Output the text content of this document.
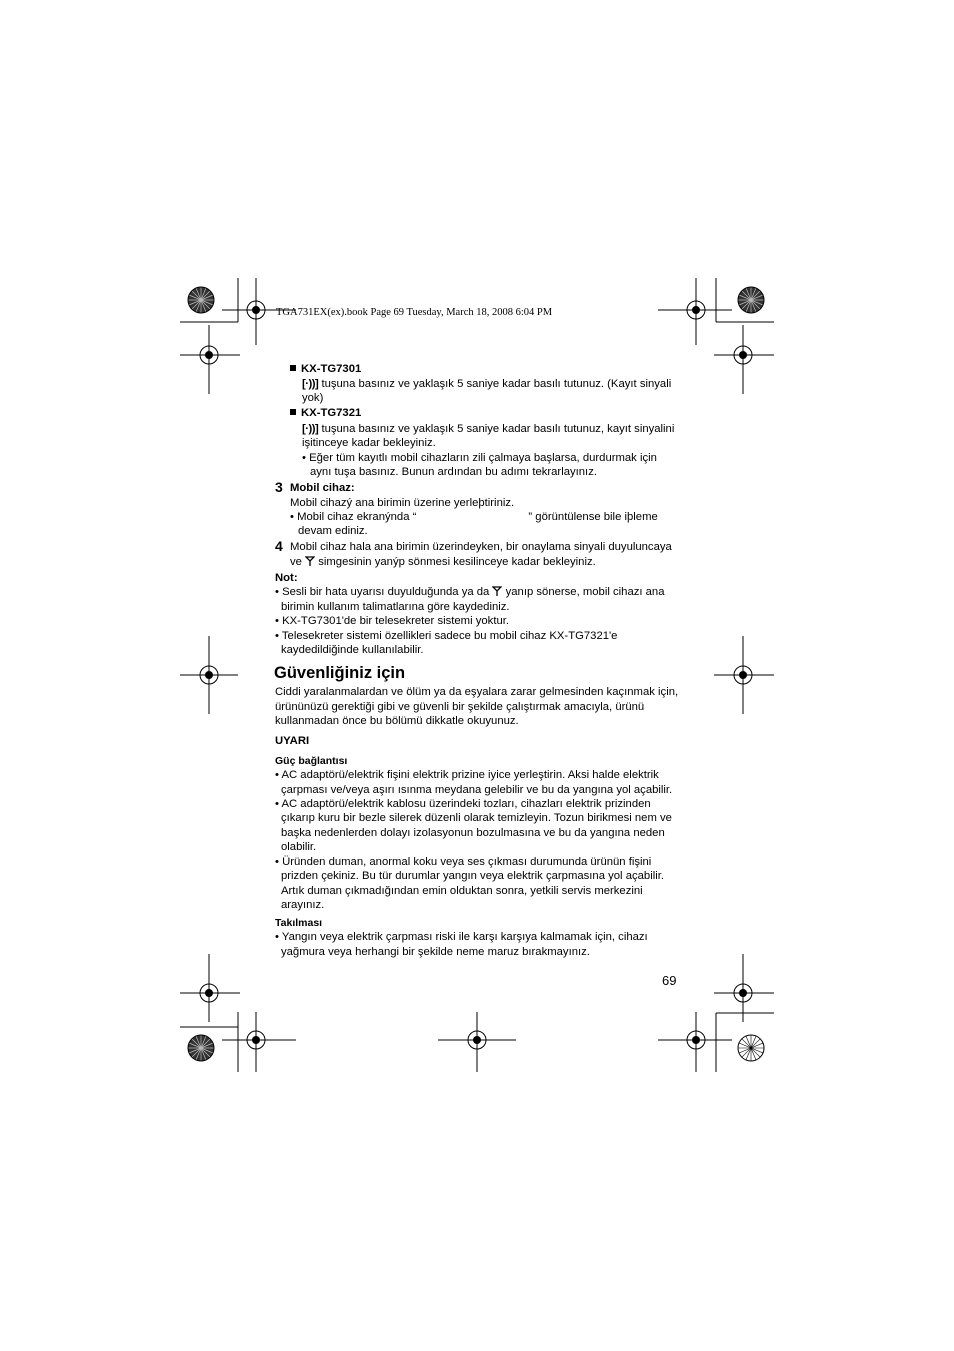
TGA731EX(ex).book Page 69 Tuesday, March 18, 2008 6:04 PM
KX-TG7301
[·))] tuşuna basınız ve yaklaşık 5 saniye kadar basılı tutunuz. (Kayıt sinyali
yok)
KX-TG7321
[·))] tuşuna basınız ve yaklaşık 5 saniye kadar basılı tutunuz, kayıt sinyalini
işitinceye kadar bekleyiniz.
• Eğer tüm kayıtlı mobil cihazların zili çalmaya başlarsa, durdurmak için
aynı tuşa basınız. Bunun ardından bu adımı tekrarlayınız.
3 Mobil cihaz:
Mobil cihazý ana birimin üzerine yerleþtiriniz.
• Mobil cihaz ekranýnda “	” görüntülense bile iþleme
devam ediniz.
4 Mobil cihaz hala ana birimin üzerindeyken, bir onaylama sinyali duyuluncaya
ve simgesinin yanýp sönmesi kesilinceye kadar bekleyiniz.
Not:
• Sesli bir hata uyarısı duyulduğunda ya da yanıp sönerse, mobil cihazı ana
birimin kullanım talimatlarına göre kaydediniz.
• KX-TG7301'de bir telesekreter sistemi yoktur.
• Telesekreter sistemi özellikleri sadece bu mobil cihaz KX-TG7321'e
kaydedildiğinde kullanılabilir.
Güvenliğiniz için
Ciddi yaralanmalardan ve ölüm ya da eşyalara zarar gelmesinden kaçınmak için,
ürününüzü gerektiği gibi ve güvenli bir şekilde çalıştırmak amacıyla, ürünü
kullanmadan önce bu bölümü dikkatle okuyunuz.
UYARI
Güç bağlantısı
• AC adaptörü/elektrik fişini elektrik prizine iyice yerleştirin. Aksi halde elektrik
çarpması ve/veya aşırı ısınma meydana gelebilir ve bu da yangına yol açabilir.
• AC adaptörü/elektrik kablosu üzerindeki tozları, cihazları elektrik prizinden
çıkarıp kuru bir bezle silerek düzenli olarak temizleyin. Tozun birikmesi nem ve
başka nedenlerden dolayı izolasyonun bozulmasına ve bu da yangına neden
olabilir.
• Üründen duman, anormal koku veya ses çıkması durumunda ürünün fişini
prizden çekiniz. Bu tür durumlar yangın veya elektrik çarpmasına yol açabilir.
Artık duman çıkmadığından emin olduktan sonra, yetkili servis merkezini
arayınız.
Takılması
• Yangın veya elektrik çarpması riski ile karşı karşıya kalmamak için, cihazı
yağmura veya herhangi bir şekilde neme maruz bırakmayınız.
69
